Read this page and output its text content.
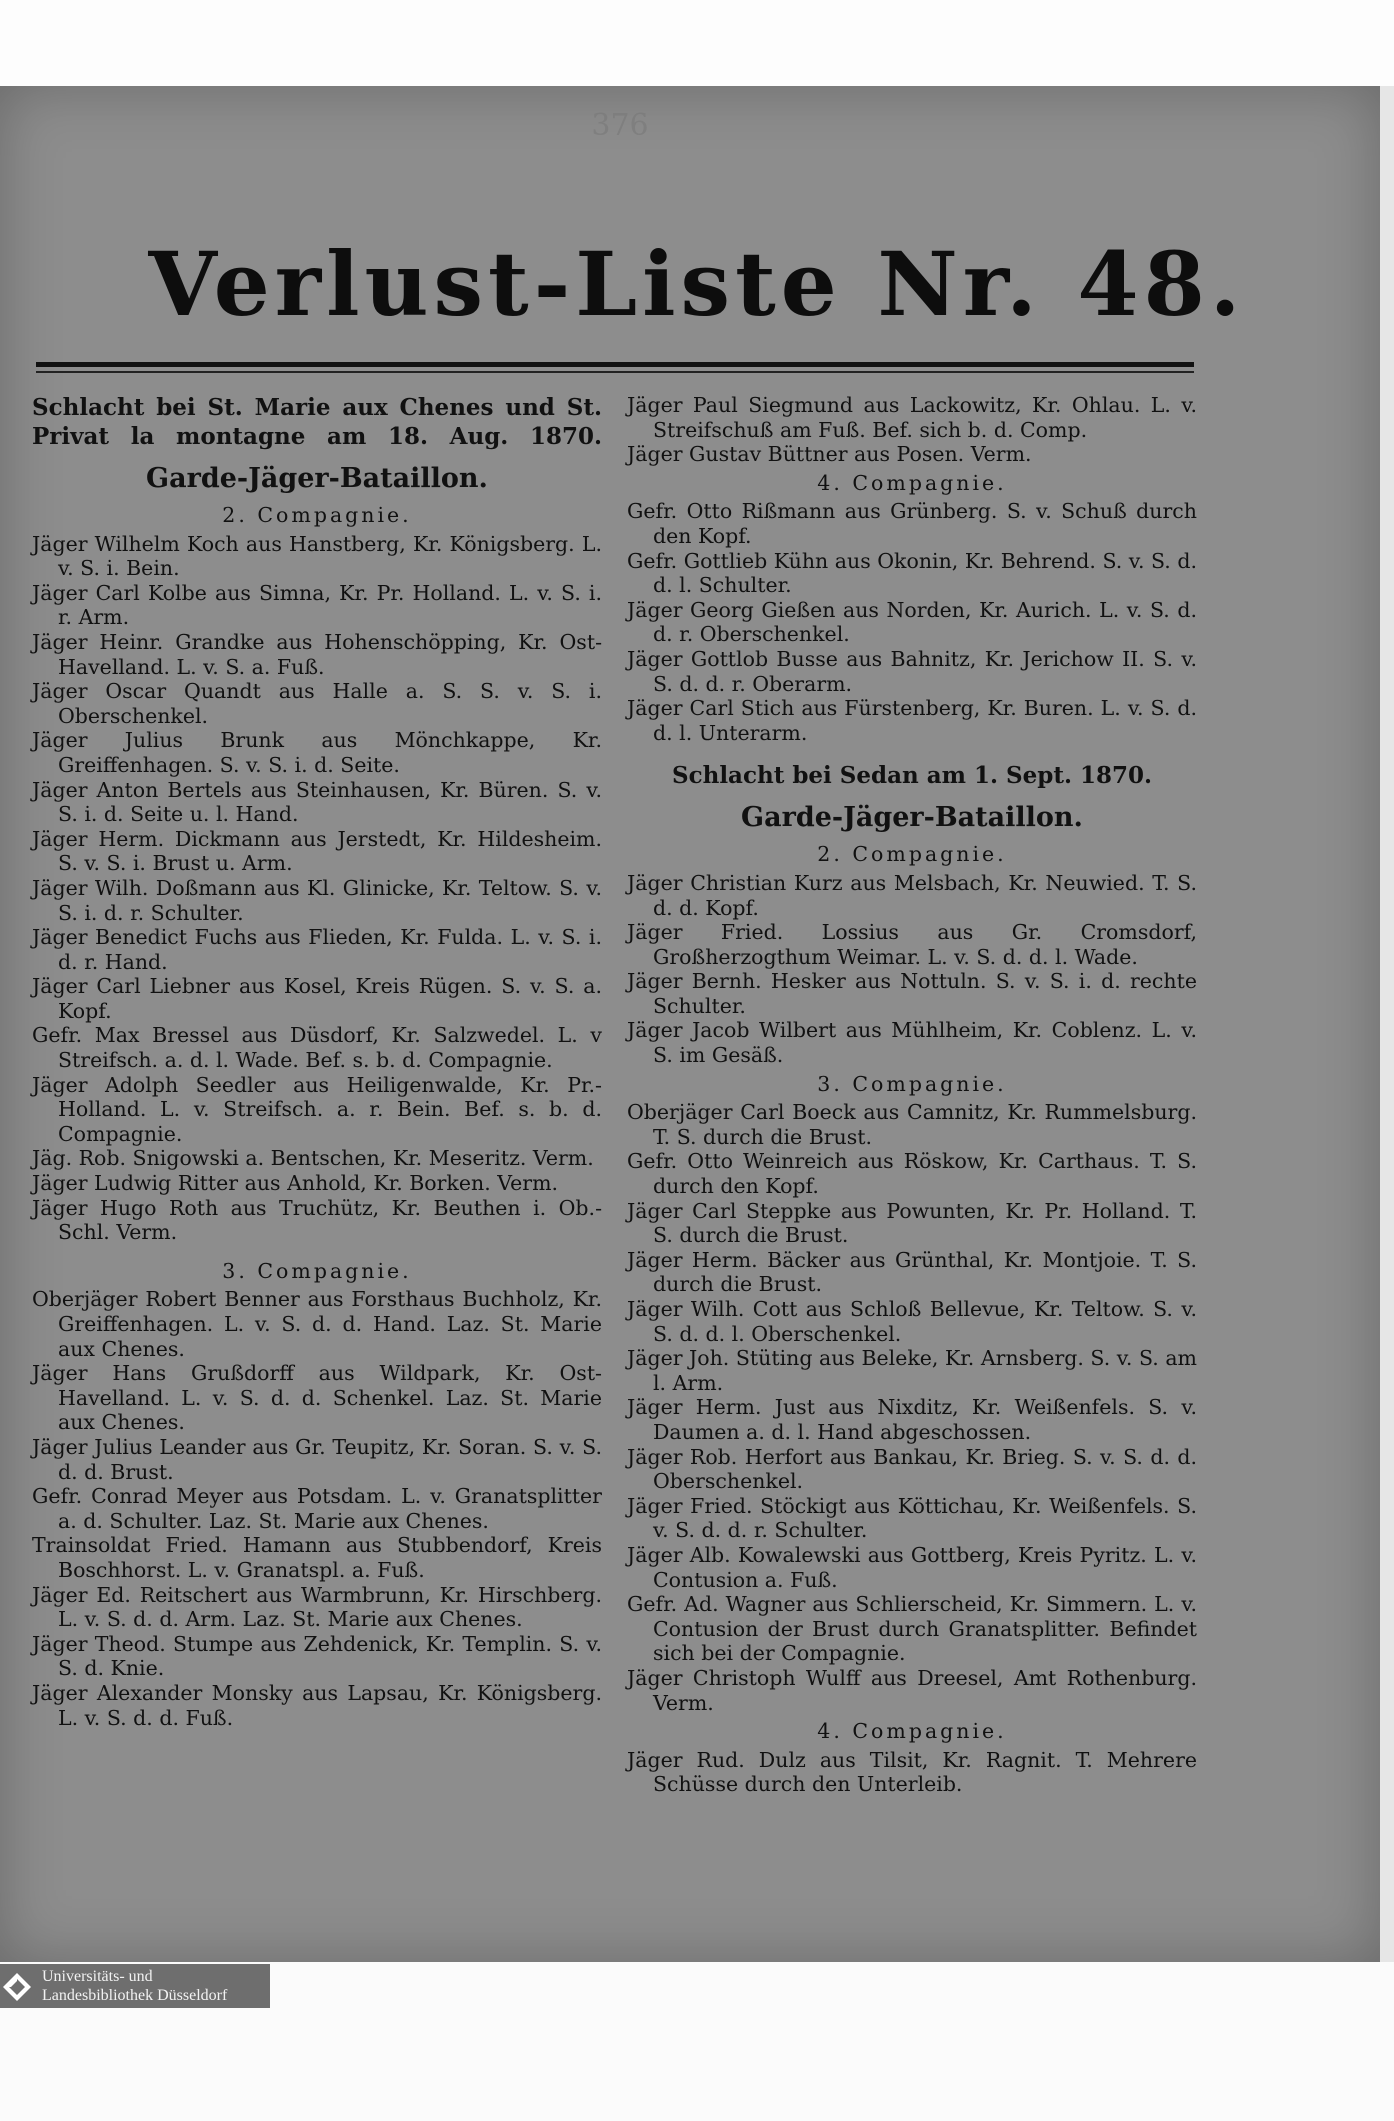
376
Verlust-Liste Nr. 48.
Schlacht bei St. Marie aux Chenes und St. Privat la montagne am 18. Aug. 1870.
Garde-Jäger-Bataillon.
2. Compagnie.
Jäger Wilhelm Koch aus Hanstberg, Kr. Königsberg. L. v. S. i. Bein.
Jäger Carl Kolbe aus Simna, Kr. Pr. Holland. L. v. S. i. r. Arm.
Jäger Heinr. Grandke aus Hohenschöpping, Kr. Ost-Havelland. L. v. S. a. Fuß.
Jäger Oscar Quandt aus Halle a. S. S. v. S. i. Oberschenkel.
Jäger Julius Brunk aus Mönchkappe, Kr. Greiffenhagen. S. v. S. i. d. Seite.
Jäger Anton Bertels aus Steinhausen, Kr. Büren. S. v. S. i. d. Seite u. l. Hand.
Jäger Herm. Dickmann aus Jerstedt, Kr. Hildesheim. S. v. S. i. Brust u. Arm.
Jäger Wilh. Doßmann aus Kl. Glinicke, Kr. Teltow. S. v. S. i. d. r. Schulter.
Jäger Benedict Fuchs aus Flieden, Kr. Fulda. L. v. S. i. d. r. Hand.
Jäger Carl Liebner aus Kosel, Kreis Rügen. S. v. S. a. Kopf.
Gefr. Max Bressel aus Düsdorf, Kr. Salzwedel. L. v Streifsch. a. d. l. Wade. Bef. s. b. d. Compagnie.
Jäger Adolph Seedler aus Heiligenwalde, Kr. Pr.-Holland. L. v. Streifsch. a. r. Bein. Bef. s. b. d. Compagnie.
Jäg. Rob. Snigowski a. Bentschen, Kr. Meseritz. Verm.
Jäger Ludwig Ritter aus Anhold, Kr. Borken. Verm.
Jäger Hugo Roth aus Truchütz, Kr. Beuthen i. Ob.-Schl. Verm.
3. Compagnie.
Oberjäger Robert Benner aus Forsthaus Buchholz, Kr. Greiffenhagen. L. v. S. d. d. Hand. Laz. St. Marie aux Chenes.
Jäger Hans Grußdorff aus Wildpark, Kr. Ost-Havelland. L. v. S. d. d. Schenkel. Laz. St. Marie aux Chenes.
Jäger Julius Leander aus Gr. Teupitz, Kr. Soran. S. v. S. d. d. Brust.
Gefr. Conrad Meyer aus Potsdam. L. v. Granatsplitter a. d. Schulter. Laz. St. Marie aux Chenes.
Trainsoldat Fried. Hamann aus Stubbendorf, Kreis Boschhorst. L. v. Granatspl. a. Fuß.
Jäger Ed. Reitschert aus Warmbrunn, Kr. Hirschberg. L. v. S. d. d. Arm. Laz. St. Marie aux Chenes.
Jäger Theod. Stumpe aus Zehdenick, Kr. Templin. S. v. S. d. Knie.
Jäger Alexander Monsky aus Lapsau, Kr. Königsberg. L. v. S. d. d. Fuß.
Jäger Paul Siegmund aus Lackowitz, Kr. Ohlau. L. v. Streifschuß am Fuß. Bef. sich b. d. Comp.
Jäger Gustav Büttner aus Posen. Verm.
4. Compagnie.
Gefr. Otto Rißmann aus Grünberg. S. v. Schuß durch den Kopf.
Gefr. Gottlieb Kühn aus Okonin, Kr. Behrend. S. v. S. d. d. l. Schulter.
Jäger Georg Gießen aus Norden, Kr. Aurich. L. v. S. d. d. r. Oberschenkel.
Jäger Gottlob Busse aus Bahnitz, Kr. Jerichow II. S. v. S. d. d. r. Oberarm.
Jäger Carl Stich aus Fürstenberg, Kr. Buren. L. v. S. d. d. l. Unterarm.
Schlacht bei Sedan am 1. Sept. 1870.
Garde-Jäger-Bataillon.
2. Compagnie.
Jäger Christian Kurz aus Melsbach, Kr. Neuwied. T. S. d. d. Kopf.
Jäger Fried. Lossius aus Gr. Cromsdorf, Großherzogthum Weimar. L. v. S. d. d. l. Wade.
Jäger Bernh. Hesker aus Nottuln. S. v. S. i. d. rechte Schulter.
Jäger Jacob Wilbert aus Mühlheim, Kr. Coblenz. L. v. S. im Gesäß.
3. Compagnie.
Oberjäger Carl Boeck aus Camnitz, Kr. Rummelsburg. T. S. durch die Brust.
Gefr. Otto Weinreich aus Röskow, Kr. Carthaus. T. S. durch den Kopf.
Jäger Carl Steppke aus Powunten, Kr. Pr. Holland. T. S. durch die Brust.
Jäger Herm. Bäcker aus Grünthal, Kr. Montjoie. T. S. durch die Brust.
Jäger Wilh. Cott aus Schloß Bellevue, Kr. Teltow. S. v. S. d. d. l. Oberschenkel.
Jäger Joh. Stüting aus Beleke, Kr. Arnsberg. S. v. S. am l. Arm.
Jäger Herm. Just aus Nixditz, Kr. Weißenfels. S. v. Daumen a. d. l. Hand abgeschossen.
Jäger Rob. Herfort aus Bankau, Kr. Brieg. S. v. S. d. d. Oberschenkel.
Jäger Fried. Stöckigt aus Köttichau, Kr. Weißenfels. S. v. S. d. d. r. Schulter.
Jäger Alb. Kowalewski aus Gottberg, Kreis Pyritz. L. v. Contusion a. Fuß.
Gefr. Ad. Wagner aus Schlierscheid, Kr. Simmern. L. v. Contusion der Brust durch Granatsplitter. Befindet sich bei der Compagnie.
Jäger Christoph Wulff aus Dreesel, Amt Rothenburg. Verm.
4. Compagnie.
Jäger Rud. Dulz aus Tilsit, Kr. Ragnit. T. Mehrere Schüsse durch den Unterleib.
Universitäts- und
Landesbibliothek Düsseldorf
